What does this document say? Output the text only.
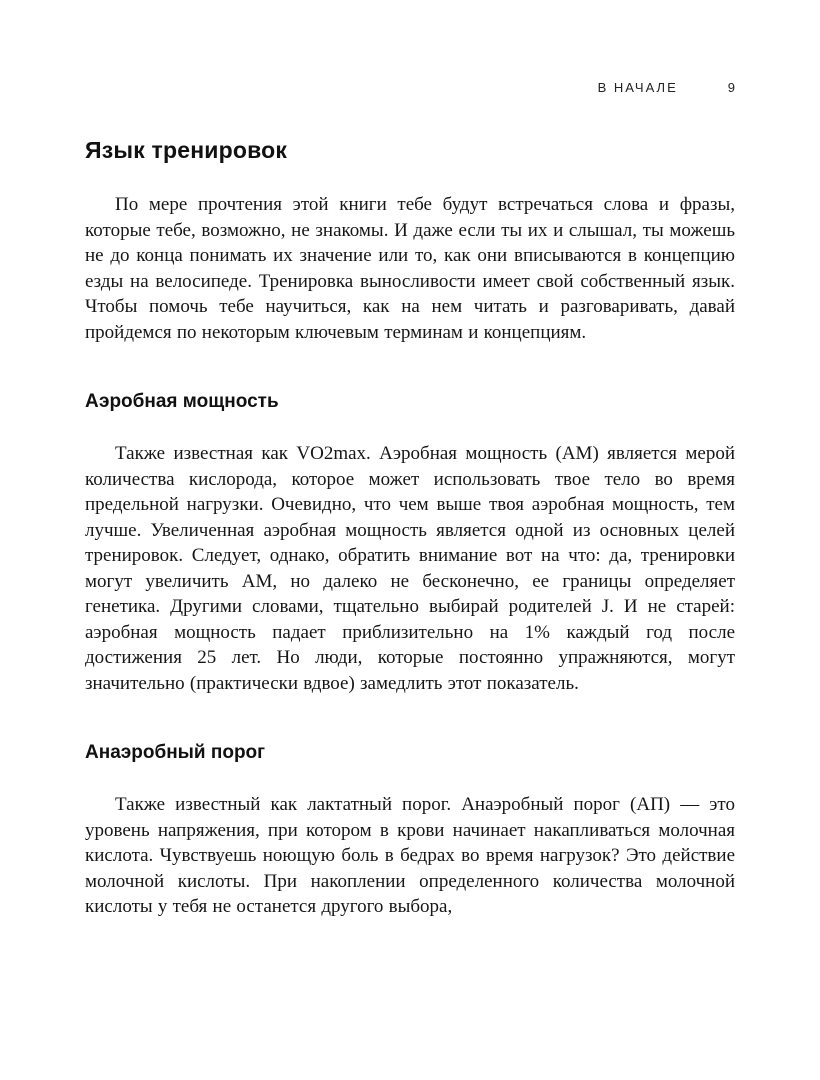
В НАЧАЛЕ	9
Язык тренировок

По мере прочтения этой книги тебе будут встречаться слова и фразы, которые тебе, возможно, не знакомы. И даже если ты их и слышал, ты можешь не до конца понимать их значение или то, как они вписываются в концепцию езды на велосипеде. Тренировка выносливости имеет свой собственный язык. Чтобы помочь тебе научиться, как на нем читать и разговаривать, давай пройдемся по некоторым ключевым терминам и концепциям.

Аэробная мощность

Также известная как VO2max. Аэробная мощность (АМ) является мерой количества кислорода, которое может использовать твое тело во время предельной нагрузки. Очевидно, что чем выше твоя аэробная мощность, тем лучше. Увеличенная аэробная мощность является одной из основных целей тренировок. Следует, однако, обратить внимание вот на что: да, тренировки могут увеличить АМ, но далеко не бесконечно, ее границы определяет генетика. Другими словами, тщательно выбирай родителей J. И не старей: аэробная мощность падает приблизительно на 1% каждый год после достижения 25 лет. Но люди, которые постоянно упражняются, могут значительно (практически вдвое) замедлить этот показатель.

Анаэробный порог

Также известный как лактатный порог. Анаэробный порог (АП) — это уровень напряжения, при котором в крови начинает накапливаться молочная кислота. Чувствуешь ноющую боль в бедрах во время нагрузок? Это действие молочной кислоты. При накоплении определенного количества молочной кислоты у тебя не останется другого выбора,
